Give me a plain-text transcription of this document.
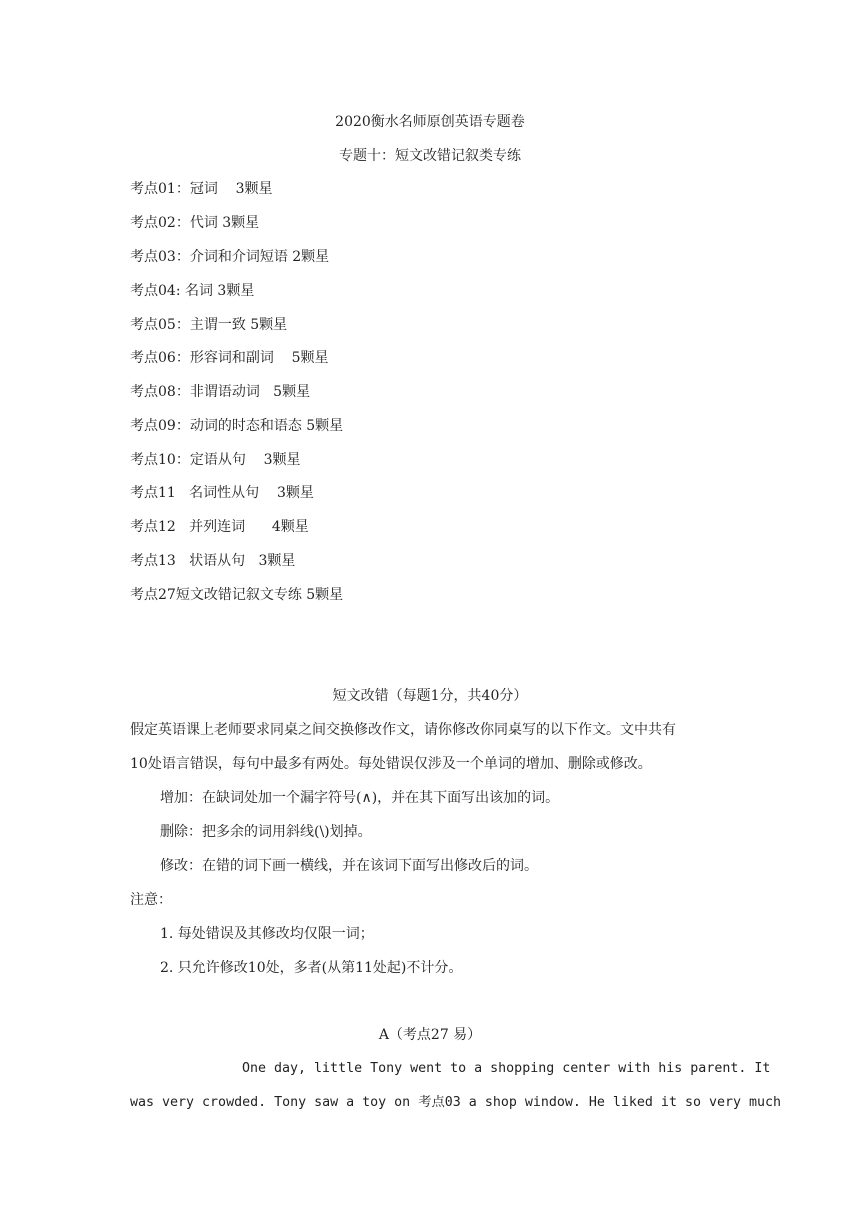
2020衡水名师原创英语专题卷
专题十：短文改错记叙类专练
考点01：冠词    3颗星
考点02：代词 3颗星
考点03：介词和介词短语 2颗星
考点04: 名词 3颗星
考点05：主谓一致 5颗星
考点06：形容词和副词    5颗星
考点08：非谓语动词   5颗星
考点09：动词的时态和语态 5颗星
考点10：定语从句    3颗星
考点11   名词性从句    3颗星
考点12   并列连词      4颗星
考点13   状语从句   3颗星
考点27短文改错记叙文专练 5颗星
短文改错（每题1分，共40分）
假定英语课上老师要求同桌之间交换修改作文，请你修改你同桌写的以下作文。文中共有
10处语言错误，每句中最多有两处。每处错误仅涉及一个单词的增加、删除或修改。
增加：在缺词处加一个漏字符号(∧)，并在其下面写出该加的词。
删除：把多余的词用斜线(\)划掉。
修改：在错的词下画一横线，并在该词下面写出修改后的词。
注意：
1. 每处错误及其修改均仅限一词；
2. 只允许修改10处，多者(从第11处起)不计分。
A（考点27 易）
One day, little Tony went to a shopping center with his parent. It
was very crowded. Tony saw a toy on 考点03 a shop window. He liked it so very much
